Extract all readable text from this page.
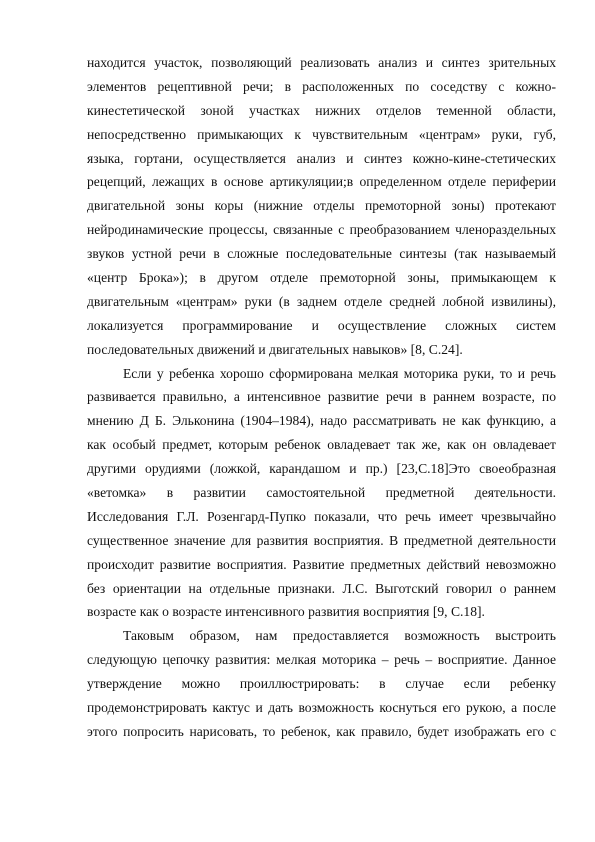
находится участок, позволяющий реализовать анализ и синтез зрительных
элементов рецептивной речи; в расположенных по соседству с кожно-
кинестетической зоной участках нижних отделов теменной области,
непосредственно примыкающих к чувствительным «центрам» руки, губ,
языка, гортани, осуществляется анализ и синтез кожно-кине-стетических
рецепций, лежащих в основе артикуляции;в определенном отделе периферии
двигательной зоны коры (нижние отделы премоторной зоны) протекают
нейродинамические процессы, связанные с преобразованием членораздельных
звуков устной речи в сложные последовательные синтезы (так называемый
«центр Брока»); в другом отделе премоторной зоны, примыкающем к
двигательным «центрам» руки (в заднем отделе средней лобной извилины),
локализуется программирование и осуществление сложных систем
последовательных движений и двигательных навыков» [8, С.24].
Если у ребенка хорошо сформирована мелкая моторика руки, то и речь
развивается правильно, а интенсивное развитие речи в раннем возрасте, по
мнению Д Б. Эльконина (1904–1984), надо рассматривать не как функцию, а
как особый предмет, которым ребенок овладевает так же, как он овладевает
другими орудиями (ложкой, карандашом и пр.) [23,С.18]Это своеобразная
«ветомка» в развитии самостоятельной предметной деятельности.
Исследования Г.Л. Розенгард-Пупко показали, что речь имеет чрезвычайно
существенное значение для развития восприятия. В предметной деятельности
происходит развитие восприятия. Развитие предметных действий невозможно
без ориентации на отдельные признаки. Л.С. Выготский говорил о раннем
возрасте как о возрасте интенсивного развития восприятия [9, С.18].
Таковым образом, нам предоставляется возможность выстроить
следующую цепочку развития: мелкая моторика – речь – восприятие. Данное
утверждение можно проиллюстрировать: в случае если ребенку
продемонстрировать кактус и дать возможность коснуться его рукою, а после
этого попросить нарисовать, то ребенок, как правило, будет изображать его с
